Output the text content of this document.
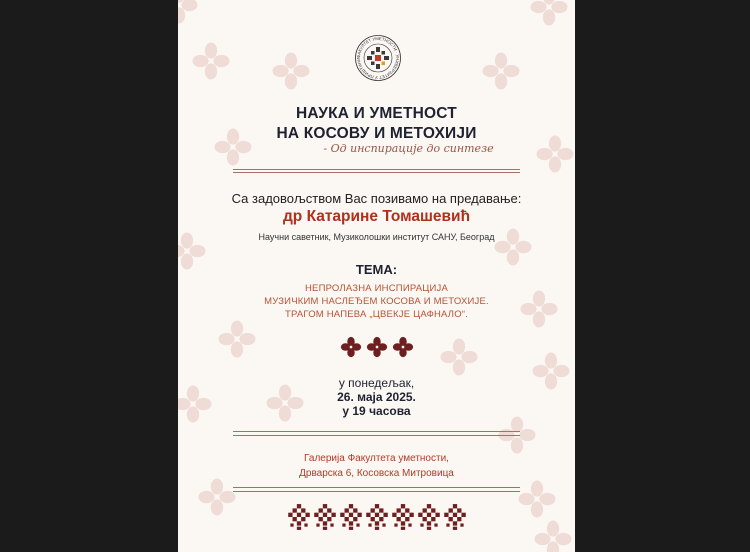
ФАКУЛТЕТ УМЕТНОСТИ · УНИВЕРЗИТЕТ У ПРИШТИНИ
НАУКА И УМЕТНОСТ
НА КОСОВУ И МЕТОХИЈИ
- Од инспирације до синтезе
Са задовољством Вас позивамо на предавање:
др Катарине Томашевић
Научни саветник, Музиколошки институт САНУ, Београд
ТЕМА:
НЕПРОЛАЗНА ИНСПИРАЦИЈА
МУЗИЧКИМ НАСЛЕЂЕМ КОСОВА И МЕТОХИЈЕ.
ТРАГОМ НАПЕВА „ЦВЕКЈЕ ЦАФНАЛО“.
у понедељак,
26. маја 2025.
у 19 часова
Галерија Факултета уметности,
Дрварска 6, Косовска Митровица
